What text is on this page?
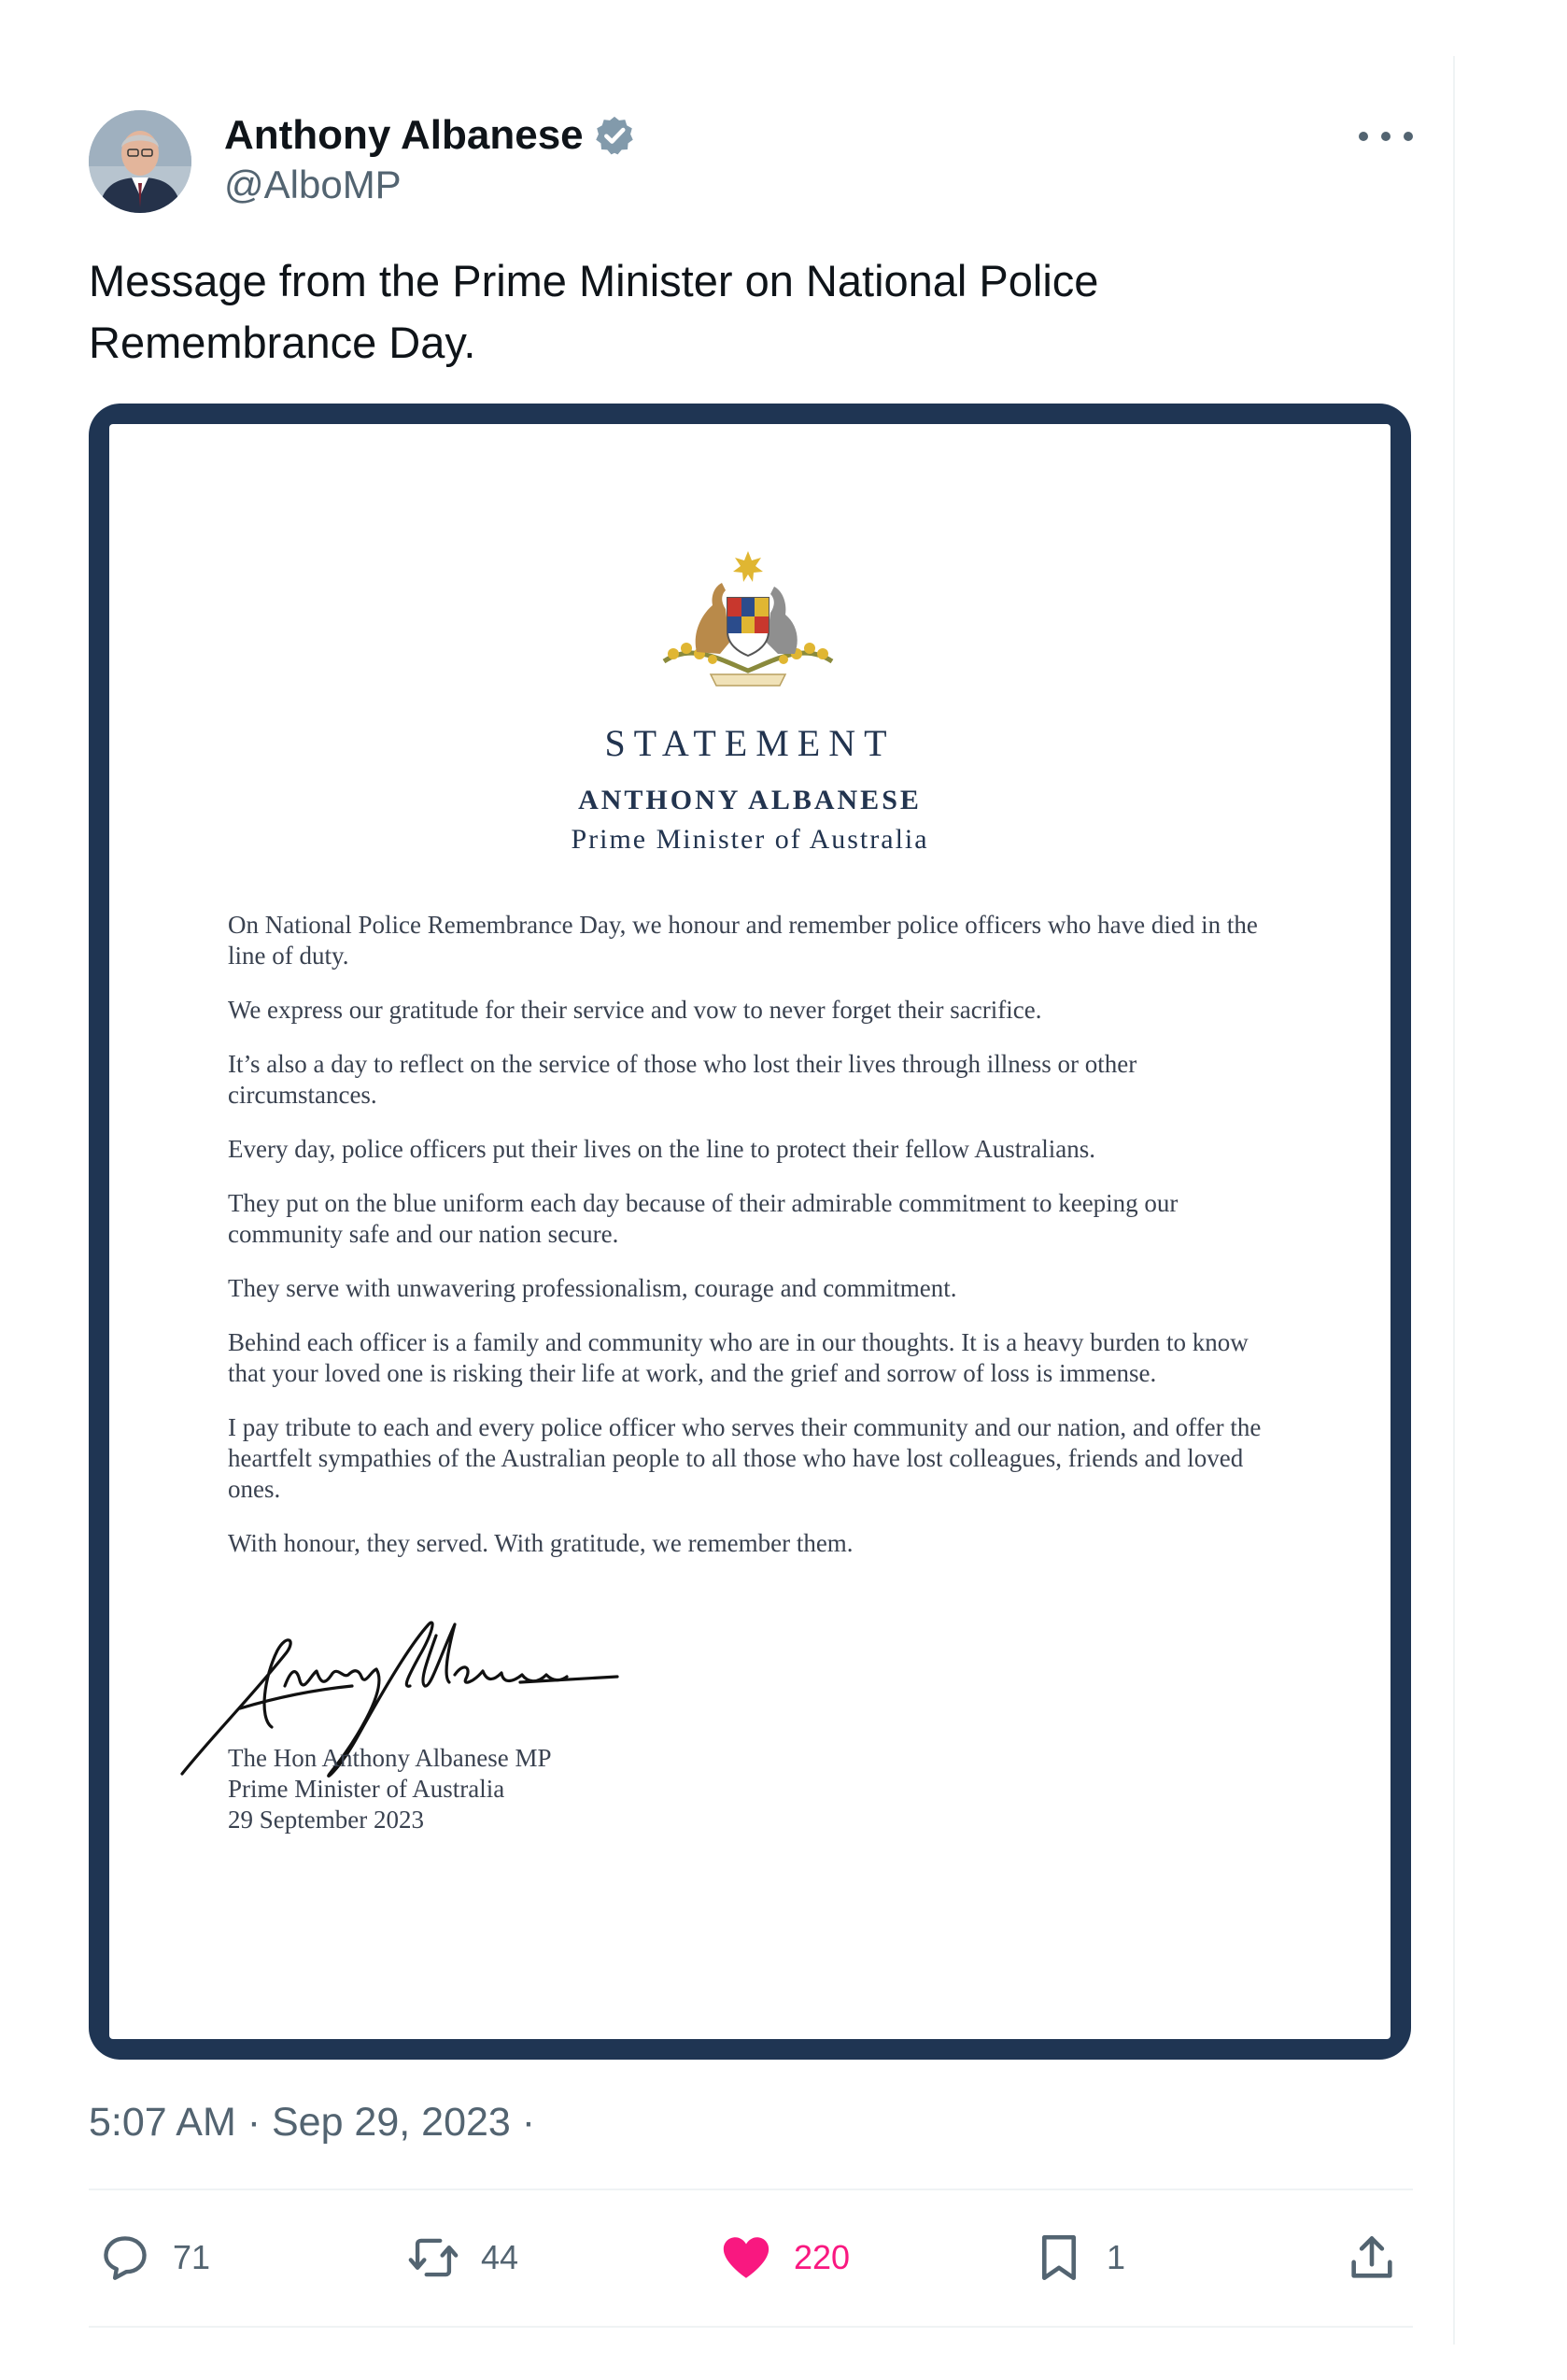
Anthony Albanese
@AlboMP
Message from the Prime Minister on National Police Remembrance Day.
STATEMENT
ANTHONY ALBANESE
Prime Minister of Australia

On National Police Remembrance Day, we honour and remember police officers who have died in the line of duty.

We express our gratitude for their service and vow to never forget their sacrifice.

It’s also a day to reflect on the service of those who lost their lives through illness or other circumstances.

Every day, police officers put their lives on the line to protect their fellow Australians.

They put on the blue uniform each day because of their admirable commitment to keeping our community safe and our nation secure.

They serve with unwavering professionalism, courage and commitment.

Behind each officer is a family and community who are in our thoughts. It is a heavy burden to know that your loved one is risking their life at work, and the grief and sorrow of loss is immense.

I pay tribute to each and every police officer who serves their community and our nation, and offer the heartfelt sympathies of the Australian people to all those who have lost colleagues, friends and loved ones.

With honour, they served. With gratitude, we remember them.

The Hon Anthony Albanese MP
Prime Minister of Australia
29 September 2023
5:07 AM · Sep 29, 2023 ·
71	44	220	1
